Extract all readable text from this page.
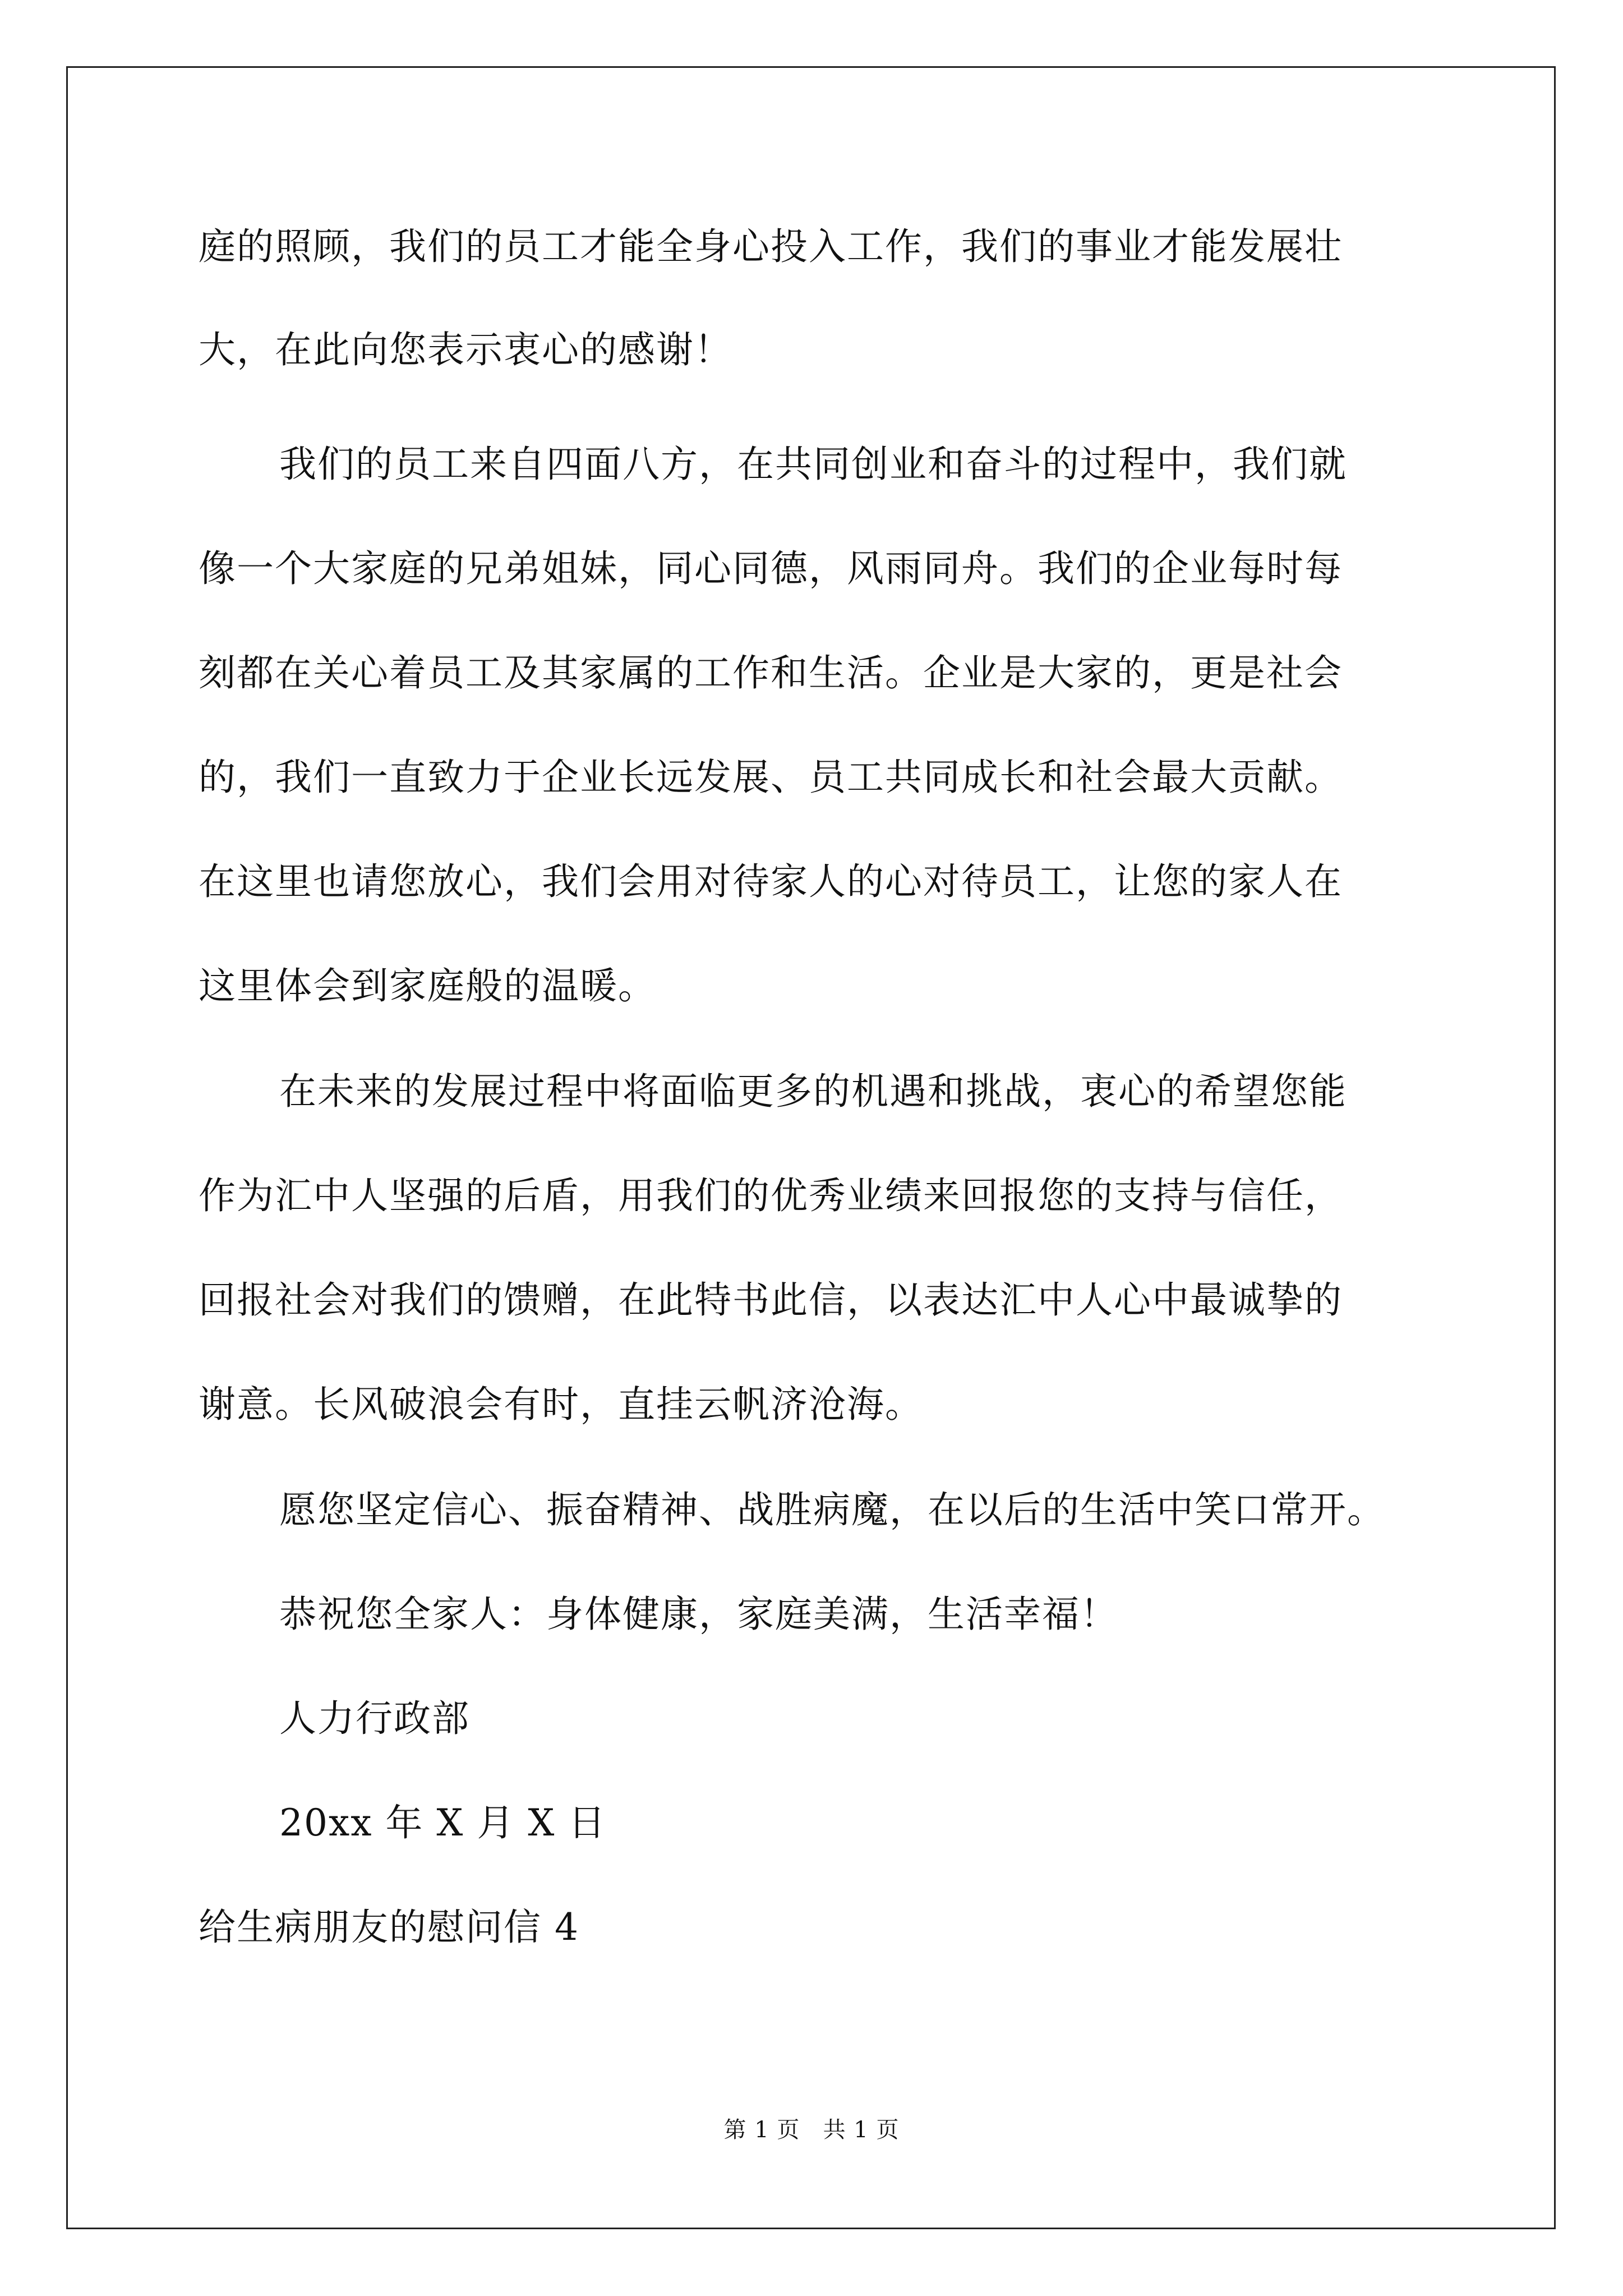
庭的照顾，我们的员工才能全身心投入工作，我们的事业才能发展壮

大，在此向您表示衷心的感谢！

我们的员工来自四面八方，在共同创业和奋斗的过程中，我们就

像一个大家庭的兄弟姐妹，同心同德，风雨同舟。我们的企业每时每

刻都在关心着员工及其家属的工作和生活。企业是大家的，更是社会

的，我们一直致力于企业长远发展、员工共同成长和社会最大贡献。

在这里也请您放心，我们会用对待家人的心对待员工，让您的家人在

这里体会到家庭般的温暖。

在未来的发展过程中将面临更多的机遇和挑战，衷心的希望您能

作为汇中人坚强的后盾，用我们的优秀业绩来回报您的支持与信任，

回报社会对我们的馈赠，在此特书此信，以表达汇中人心中最诚挚的

谢意。长风破浪会有时，直挂云帆济沧海。

愿您坚定信心、振奋精神、战胜病魔，在以后的生活中笑口常开。

恭祝您全家人：身体健康，家庭美满，生活幸福！

人力行政部

20xx 年 X 月 X 日

给生病朋友的慰问信 4

第 1 页   共 1 页
